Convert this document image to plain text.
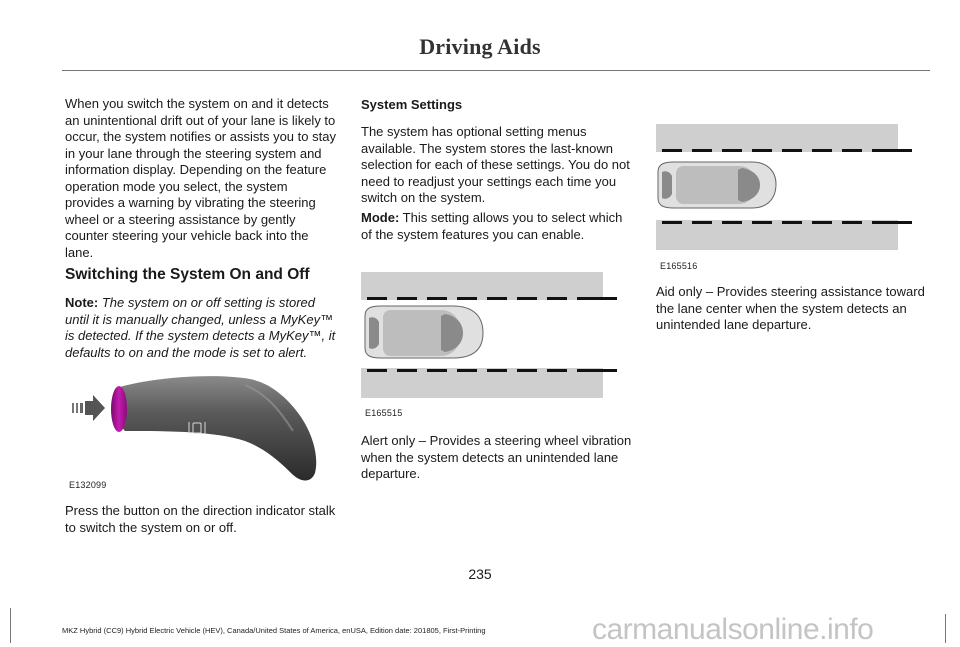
Driving Aids

When you switch the system on and it detects an unintentional drift out of your lane is likely to occur, the system notifies or assists you to stay in your lane through the steering system and information display. Depending on the feature operation mode you select, the system provides a warning by vibrating the steering wheel or a steering assistance by gently counter steering your vehicle back into the lane.

Switching the System On and Off

Note: The system on or off setting is stored until it is manually changed, unless a MyKey™ is detected. If the system detects a MyKey™, it defaults to on and the mode is set to alert.

E132099

Press the button on the direction indicator stalk to switch the system on or off.

System Settings

The system has optional setting menus available. The system stores the last-known selection for each of these settings. You do not need to readjust your settings each time you switch on the system.

Mode: This setting allows you to select which of the system features you can enable.

E165515

Alert only – Provides a steering wheel vibration when the system detects an unintended lane departure.

E165516

Aid only – Provides steering assistance toward the lane center when the system detects an unintended lane departure.

235
MKZ Hybrid (CC9) Hybrid Electric Vehicle (HEV), Canada/United States of America, enUSA, Edition date: 201805, First-Printing	carmanualsonline.info
